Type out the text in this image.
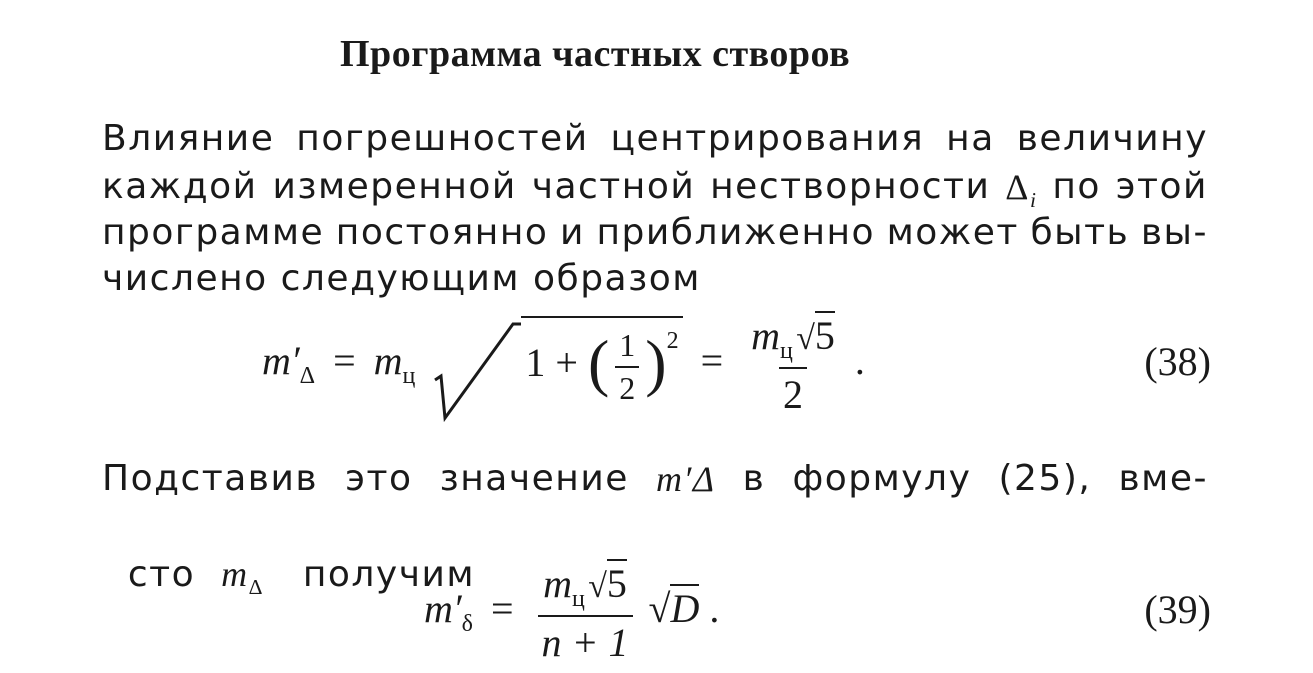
Программа частных створов
Влияние погрешностей центрирования на величину
каждой измеренной частной нестворности $\Delta_i$ по этой
программе постоянно и приближенно может быть вы-
числено следующим образом
$m'_\Delta = m_ц$	1 + ( $\frac{1}{2} )^2 = \frac{m_ц √5}{2}$ .	(38)
Подставив это значение m′Δ в формулу (25), вме-

сто $m_\Delta$ получим

$m'_\delta = \frac{m_ц √5}{n + 1} √D$ .	(39)
